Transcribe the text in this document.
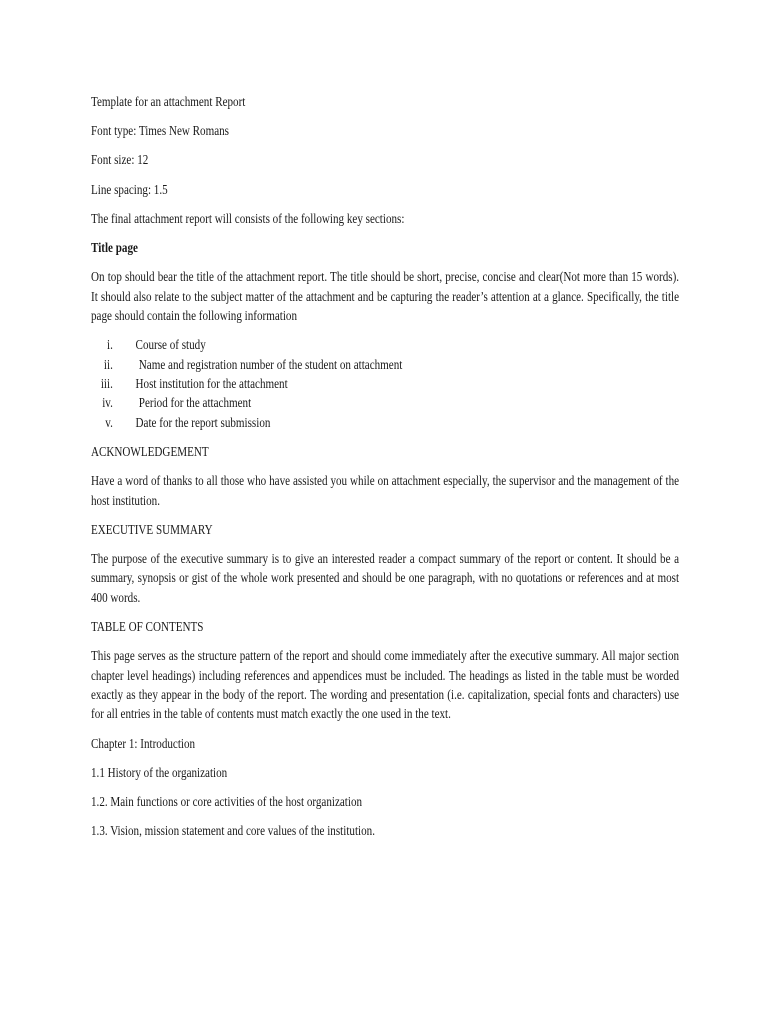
Template for an attachment Report

Font type: Times New Romans

Font size: 12

Line spacing: 1.5

The final attachment report will consists of the following key sections:

Title page

On top should bear the title of the attachment report. The title should be short, precise, concise and clear(Not more than 15 words). It should also relate to the subject matter of the attachment and be capturing the reader’s attention at a glance. Specifically, the title page should contain the following information

i. Course of study
ii. Name and registration number of the student on attachment
iii. Host institution for the attachment
iv. Period for the attachment
v. Date for the report submission

ACKNOWLEDGEMENT

Have a word of thanks to all those who have assisted you while on attachment especially, the supervisor and the management of the host institution.

EXECUTIVE SUMMARY

The purpose of the executive summary is to give an interested reader a compact summary of the report or content. It should be a summary, synopsis or gist of the whole work presented and should be one paragraph, with no quotations or references and at most 400 words.

TABLE OF CONTENTS

This page serves as the structure pattern of the report and should come immediately after the executive summary. All major section chapter level headings) including references and appendices must be included. The headings as listed in the table must be worded exactly as they appear in the body of the report. The wording and presentation (i.e. capitalization, special fonts and characters) use for all entries in the table of contents must match exactly the one used in the text.

Chapter 1: Introduction

1.1 History of the organization

1.2. Main functions or core activities of the host organization

1.3. Vision, mission statement and core values of the institution.
